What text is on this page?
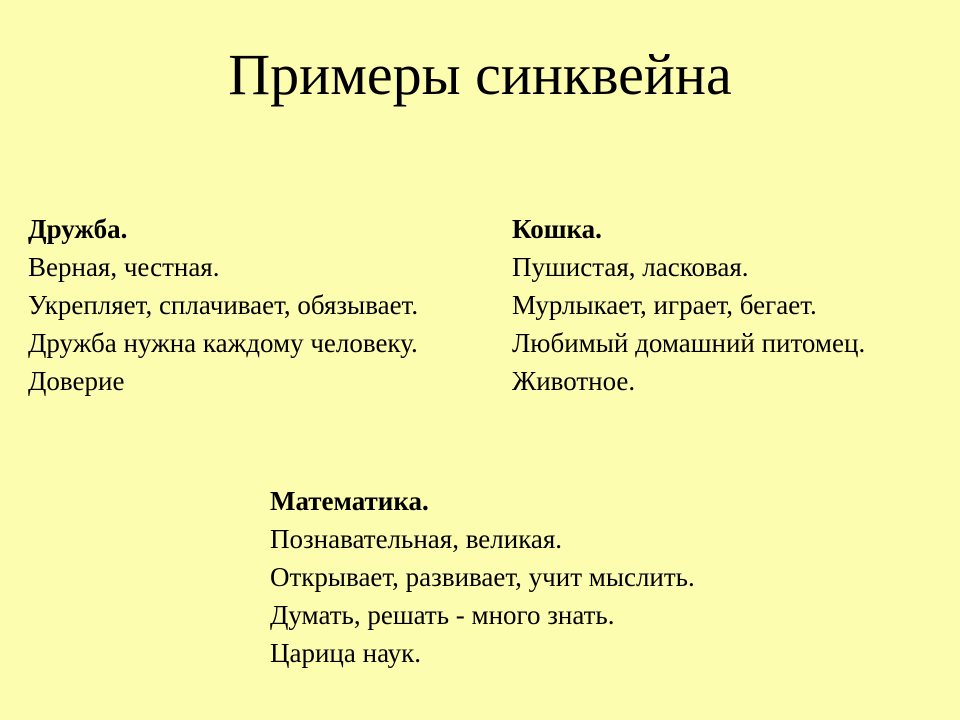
Примеры синквейна
Дружба.
Верная, честная.
Укрепляет, сплачивает, обязывает.
Дружба нужна каждому человеку.
Доверие
Кошка.
Пушистая, ласковая.
Мурлыкает, играет, бегает.
Любимый домашний питомец.
Животное.
Математика.
Познавательная, великая.
Открывает, развивает, учит мыслить.
Думать, решать - много знать.
Царица наук.
